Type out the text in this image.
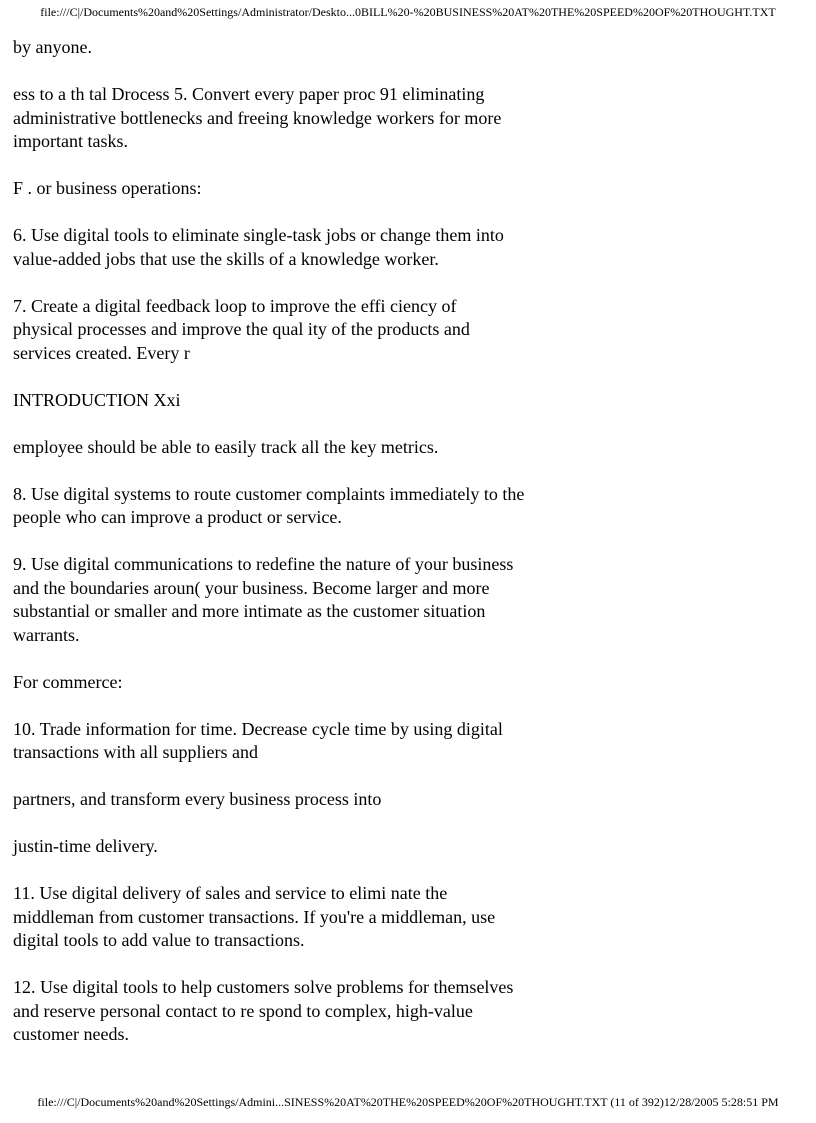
file:///C|/Documents%20and%20Settings/Administrator/Deskto...0BILL%20-%20BUSINESS%20AT%20THE%20SPEED%20OF%20THOUGHT.TXT

by anyone.

ess to a th tal Drocess 5. Convert every paper proc 91 eliminating
administrative bottlenecks and freeing knowledge workers for more
important tasks.

F . or business operations:

6. Use digital tools to eliminate single-task jobs or change them into
value-added jobs that use the skills of a knowledge worker.

7. Create a digital feedback loop to improve the effi ciency of
physical processes and improve the qual ity of the products and
services created. Every r

INTRODUCTION Xxi

employee should be able to easily track all the key metrics.

8. Use digital systems to route customer complaints immediately to the
people who can improve a product or service.

9. Use digital communications to redefine the nature of your business
and the boundaries aroun( your business. Become larger and more
substantial or smaller and more intimate as the customer situation
warrants.

For commerce:

10. Trade information for time. Decrease cycle time by using digital
transactions with all suppliers and

partners, and transform every business process into

justin-time delivery.

11. Use digital delivery of sales and service to elimi nate the
middleman from customer transactions. If you're a middleman, use
digital tools to add value to transactions.

12. Use digital tools to help customers solve problems for themselves
and reserve personal contact to re spond to complex, high-value
customer needs.

file:///C|/Documents%20and%20Settings/Admini...SINESS%20AT%20THE%20SPEED%20OF%20THOUGHT.TXT (11 of 392)12/28/2005 5:28:51 PM
